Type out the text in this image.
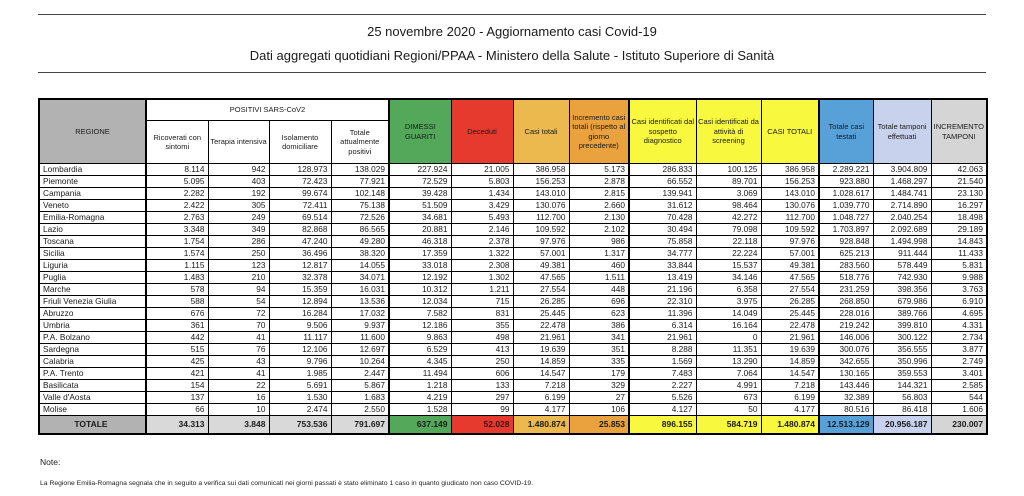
25 novembre 2020 - Aggiornamento casi Covid-19
Dati aggregati quotidiani Regioni/PPAA - Ministero della Salute - Istituto Superiore di Sanità
REGIONE	POSITIVI SARS-CoV2				DIMESSI GUARITI	Deceduti	Casi totali	Incremento casi totali (rispetto al giorno precedente)	Casi identificati dal sospetto diagnostico	Casi identificati da attività di screening	CASI TOTALI	Totale casi testati	Totale tamponi effettuati	INCREMENTO TAMPONI
	Ricoverati con sintomi	Terapia intensiva	Isolamento domiciliare	Totale attualmente positivi										
Lombardia	8.114	942	128.973	138.029	227.924	21.005	386.958	5.173	286.833	100.125	386.958	2.289.221	3.904.809	42.063
Piemonte	5.095	403	72.423	77.921	72.529	5.803	156.253	2.878	66.552	89.701	156.253	923.880	1.468.297	21.540
Campania	2.282	192	99.674	102.148	39.428	1.434	143.010	2.815	139.941	3.069	143.010	1.028.617	1.484.741	23.130
Veneto	2.422	305	72.411	75.138	51.509	3.429	130.076	2.660	31.612	98.464	130.076	1.039.770	2.714.890	16.297
Emilia-Romagna	2.763	249	69.514	72.526	34.681	5.493	112.700	2.130	70.428	42.272	112.700	1.048.727	2.040.254	18.498
Lazio	3.348	349	82.868	86.565	20.881	2.146	109.592	2.102	30.494	79.098	109.592	1.703.897	2.092.689	29.189
Toscana	1.754	286	47.240	49.280	46.318	2.378	97.976	986	75.858	22.118	97.976	928.848	1.494.998	14.843
Sicilia	1.574	250	36.496	38.320	17.359	1.322	57.001	1.317	34.777	22.224	57.001	625.213	911.444	11.433
Liguria	1.115	123	12.817	14.055	33.018	2.308	49.381	460	33.844	15.537	49.381	283.560	578.449	5.831
Puglia	1.483	210	32.378	34.071	12.192	1.302	47.565	1.511	13.419	34.146	47.565	518.776	742.930	9.988
Marche	578	94	15.359	16.031	10.312	1.211	27.554	448	21.196	6.358	27.554	231.259	398.356	3.763
Friuli Venezia Giulia	588	54	12.894	13.536	12.034	715	26.285	696	22.310	3.975	26.285	268.850	679.986	6.910
Abruzzo	676	72	16.284	17.032	7.582	831	25.445	623	11.396	14.049	25.445	228.016	389.766	4.695
Umbria	361	70	9.506	9.937	12.186	355	22.478	386	6.314	16.164	22.478	219.242	399.810	4.331
P.A. Bolzano	442	41	11.117	11.600	9.863	498	21.961	341	21.961	0	21.961	146.006	300.122	2.734
Sardegna	515	76	12.106	12.697	6.529	413	19.639	351	8.288	11.351	19.639	300.076	356.555	3.877
Calabria	425	43	9.796	10.264	4.345	250	14.859	335	1.569	13.290	14.859	342.655	350.996	2.749
P.A. Trento	421	41	1.985	2.447	11.494	606	14.547	179	7.483	7.064	14.547	130.165	359.553	3.401
Basilicata	154	22	5.691	5.867	1.218	133	7.218	329	2.227	4.991	7.218	143.446	144.321	2.585
Valle d'Aosta	137	16	1.530	1.683	4.219	297	6.199	27	5.526	673	6.199	32.389	56.803	544
Molise	66	10	2.474	2.550	1.528	99	4.177	106	4.127	50	4.177	80.516	86.418	1.606
TOTALE	34.313	3.848	753.536	791.697	637.149	52.028	1.480.874	25.853	896.155	584.719	1.480.874	12.513.129	20.956.187	230.007

Note:

La Regione Emilia-Romagna segnala che in seguito a verifica sui dati comunicati nei giorni passati è stato eliminato 1 caso in quanto giudicato non caso COVID-19.
